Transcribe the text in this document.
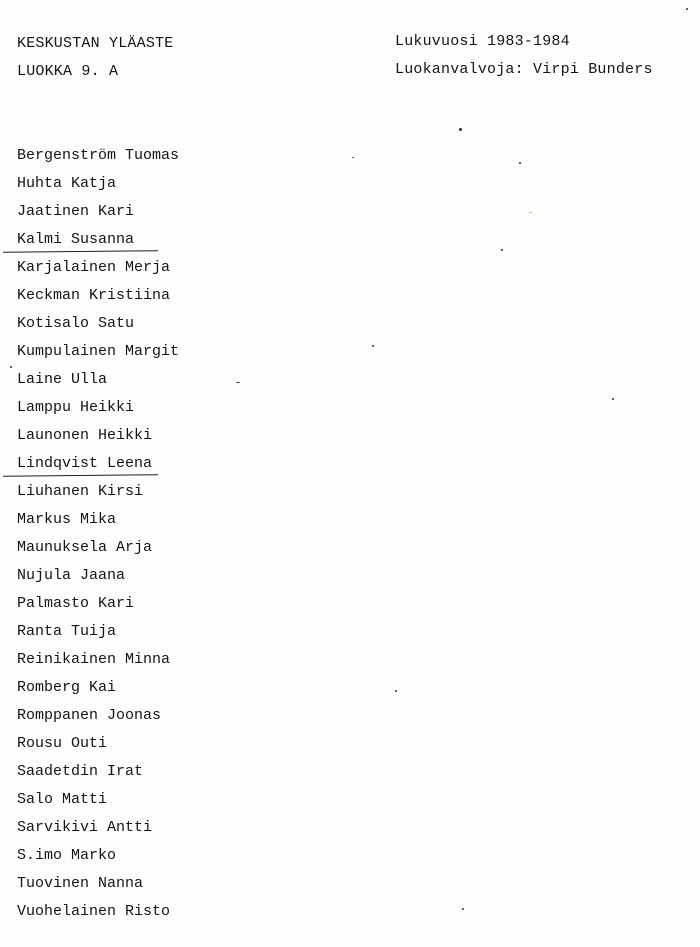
KESKUSTAN YLÄASTE
LUOKKA 9. A
Lukuvuosi 1983-1984
Luokanvalvoja: Virpi Bunders
Bergenström Tuomas
Huhta Katja
Jaatinen Kari
Kalmi Susanna
Karjalainen Merja
Keckman Kristiina
Kotisalo Satu
Kumpulainen Margit
Laine Ulla
Lamppu Heikki
Launonen Heikki
Lindqvist Leena
Liuhanen Kirsi
Markus Mika
Maunuksela Arja
Nujula Jaana
Palmasto Kari
Ranta Tuija
Reinikainen Minna
Romberg Kai
Romppanen Joonas
Rousu Outi
Saadetdin Irat
Salo Matti
Sarvikivi Antti
S.imo Marko
Tuovinen Nanna
Vuohelainen Risto
